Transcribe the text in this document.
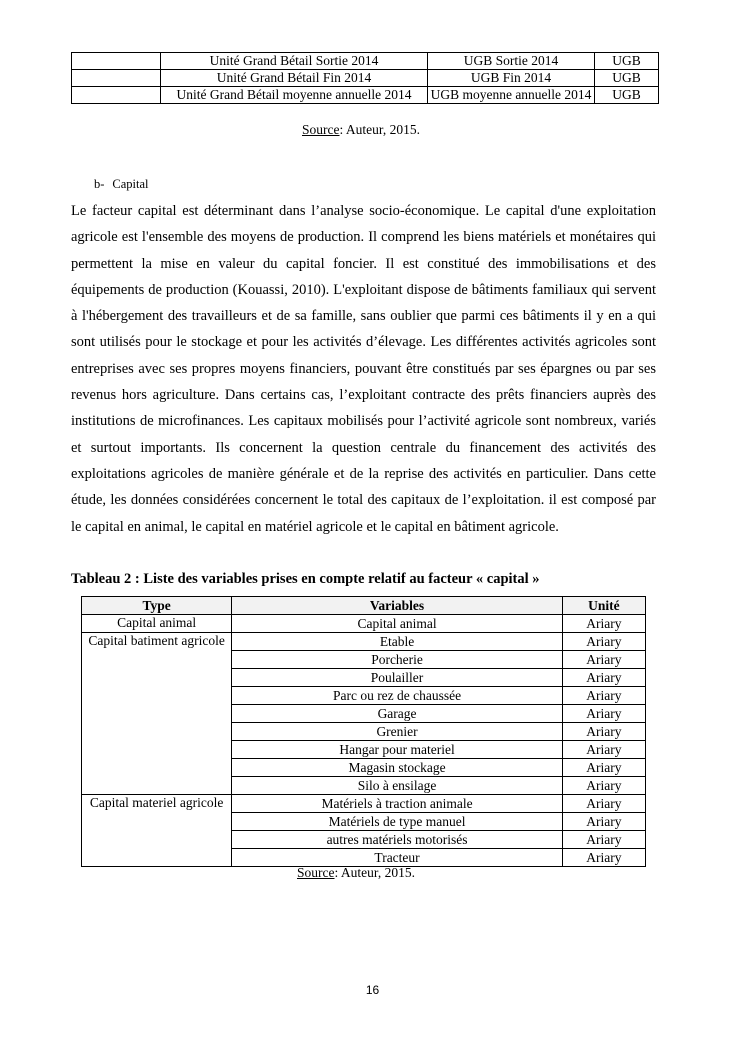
	Unité Grand Bétail Sortie 2014	UGB Sortie 2014	UGB
	Unité Grand Bétail Fin 2014	UGB Fin 2014	UGB
	Unité Grand Bétail moyenne annuelle 2014	UGB moyenne annuelle 2014	UGB
Source: Auteur, 2015.
b- Capital

Le facteur capital est déterminant dans l’analyse socio-économique. Le capital d'une exploitation agricole est l'ensemble des moyens de production. Il comprend les biens matériels et monétaires qui permettent la mise en valeur du capital foncier. Il est constitué des immobilisations et des équipements de production (Kouassi, 2010). L'exploitant dispose de bâtiments familiaux qui servent à l'hébergement des travailleurs et de sa famille, sans oublier que parmi ces bâtiments il y en a qui sont utilisés pour le stockage et pour les activités d’élevage. Les différentes activités agricoles sont entreprises avec ses propres moyens financiers, pouvant être constitués par ses épargnes ou par ses revenus hors agriculture. Dans certains cas, l’exploitant contracte des prêts financiers auprès des institutions de microfinances. Les capitaux mobilisés pour l’activité agricole sont nombreux, variés et surtout importants. Ils concernent la question centrale du financement des activités des exploitations agricoles de manière générale et de la reprise des activités en particulier. Dans cette étude, les données considérées concernent le total des capitaux de l’exploitation. il est composé par le capital en animal, le capital en matériel agricole et le capital en bâtiment agricole.

Tableau 2 : Liste des variables prises en compte relatif au facteur « capital »
Type	Variables	Unité
Capital animal	Capital animal	Ariary
Capital batiment agricole	Etable	Ariary
	Porcherie	Ariary
	Poulailler	Ariary
	Parc ou rez de chaussée	Ariary
	Garage	Ariary
	Grenier	Ariary
	Hangar pour materiel	Ariary
	Magasin stockage	Ariary
	Silo à ensilage	Ariary
Capital materiel agricole	Matériels à traction animale	Ariary
	Matériels de type manuel	Ariary
	autres matériels motorisés	Ariary
	Tracteur	Ariary
Source: Auteur, 2015.
16
